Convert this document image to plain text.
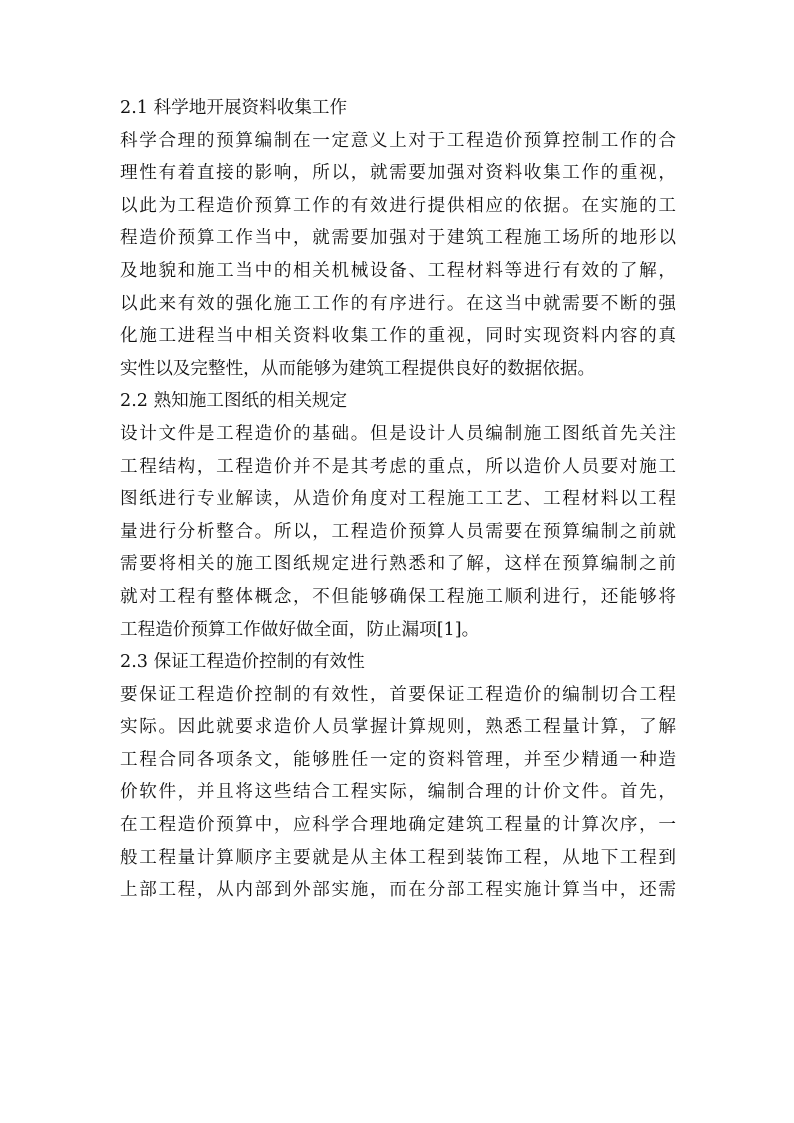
2.1 科学地开展资料收集工作
科学合理的预算编制在一定意义上对于工程造价预算控制工作的合
理性有着直接的影响，所以，就需要加强对资料收集工作的重视，
以此为工程造价预算工作的有效进行提供相应的依据。在实施的工
程造价预算工作当中，就需要加强对于建筑工程施工场所的地形以
及地貌和施工当中的相关机械设备、工程材料等进行有效的了解，
以此来有效的强化施工工作的有序进行。在这当中就需要不断的强
化施工进程当中相关资料收集工作的重视，同时实现资料内容的真
实性以及完整性，从而能够为建筑工程提供良好的数据依据。
2.2 熟知施工图纸的相关规定
设计文件是工程造价的基础。但是设计人员编制施工图纸首先关注
工程结构，工程造价并不是其考虑的重点，所以造价人员要对施工
图纸进行专业解读，从造价角度对工程施工工艺、工程材料以工程
量进行分析整合。所以，工程造价预算人员需要在预算编制之前就
需要将相关的施工图纸规定进行熟悉和了解，这样在预算编制之前
就对工程有整体概念，不但能够确保工程施工顺利进行，还能够将
工程造价预算工作做好做全面，防止漏项[1]。
2.3 保证工程造价控制的有效性
要保证工程造价控制的有效性，首要保证工程造价的编制切合工程
实际。因此就要求造价人员掌握计算规则，熟悉工程量计算，了解
工程合同各项条文，能够胜任一定的资料管理，并至少精通一种造
价软件，并且将这些结合工程实际，编制合理的计价文件。首先，
在工程造价预算中，应科学合理地确定建筑工程量的计算次序，一
般工程量计算顺序主要就是从主体工程到装饰工程，从地下工程到
上部工程，从内部到外部实施，而在分部工程实施计算当中，还需
